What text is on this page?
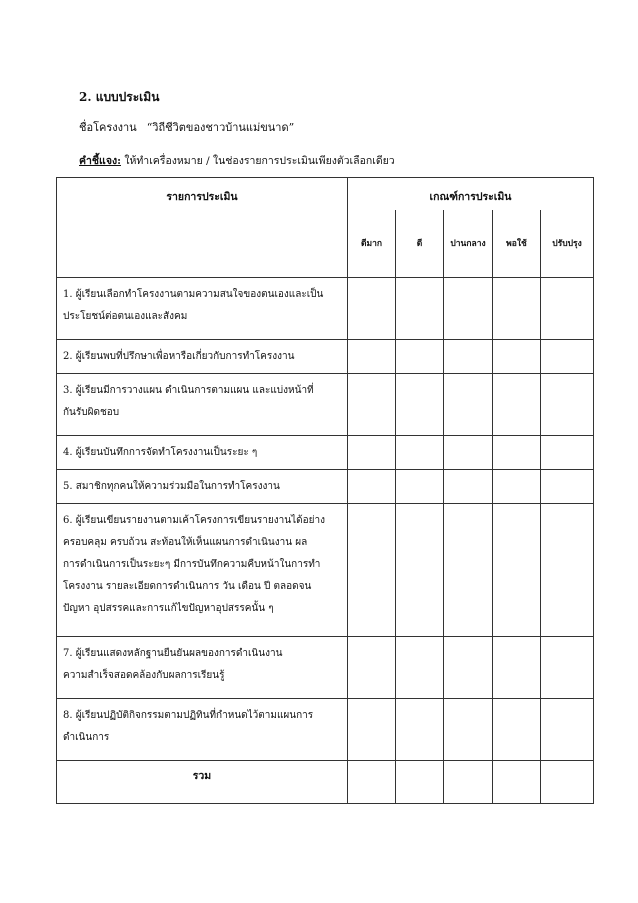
2. แบบประเมิน

ชื่อโครงงาน “วิถีชีวิตของชาวบ้านแม่ขนาด”
คำชี้แจง: ให้ทำเครื่องหมาย / ในช่องรายการประเมินเพียงตัวเลือกเดียว
รายการประเมิน	เกณฑ์การประเมิน				
	ดีมาก	ดี	ปานกลาง	พอใช้	ปรับปรุง

1. ผู้เรียนเลือกทำโครงงานตามความสนใจของตนเองและเป็น
ประโยชน์ต่อตนเองและสังคม					

2. ผู้เรียนพบที่ปรึกษาเพื่อหารือเกี่ยวกับการทำโครงงาน					

3. ผู้เรียนมีการวางแผน ดำเนินการตามแผน และแบ่งหน้าที่
กันรับผิดชอบ					

4. ผู้เรียนบันทึกการจัดทำโครงงานเป็นระยะ ๆ					

5. สมาชิกทุกคนให้ความร่วมมือในการทำโครงงาน					

6. ผู้เรียนเขียนรายงานตามเค้าโครงการเขียนรายงานได้อย่าง
ครอบคลุม ครบถ้วน สะท้อนให้เห็นแผนการดำเนินงาน ผล
การดำเนินการเป็นระยะๆ มีการบันทึกความคืบหน้าในการทำ
โครงงาน รายละเอียดการดำเนินการ วัน เดือน ปี ตลอดจน
ปัญหา อุปสรรคและการแก้ไขปัญหาอุปสรรคนั้น ๆ					

7. ผู้เรียนแสดงหลักฐานยืนยันผลของการดำเนินงาน
ความสำเร็จสอดคล้องกับผลการเรียนรู้					

8. ผู้เรียนปฏิบัติกิจกรรมตามปฏิทินที่กำหนดไว้ตามแผนการ
ดำเนินการ					

รวม					
